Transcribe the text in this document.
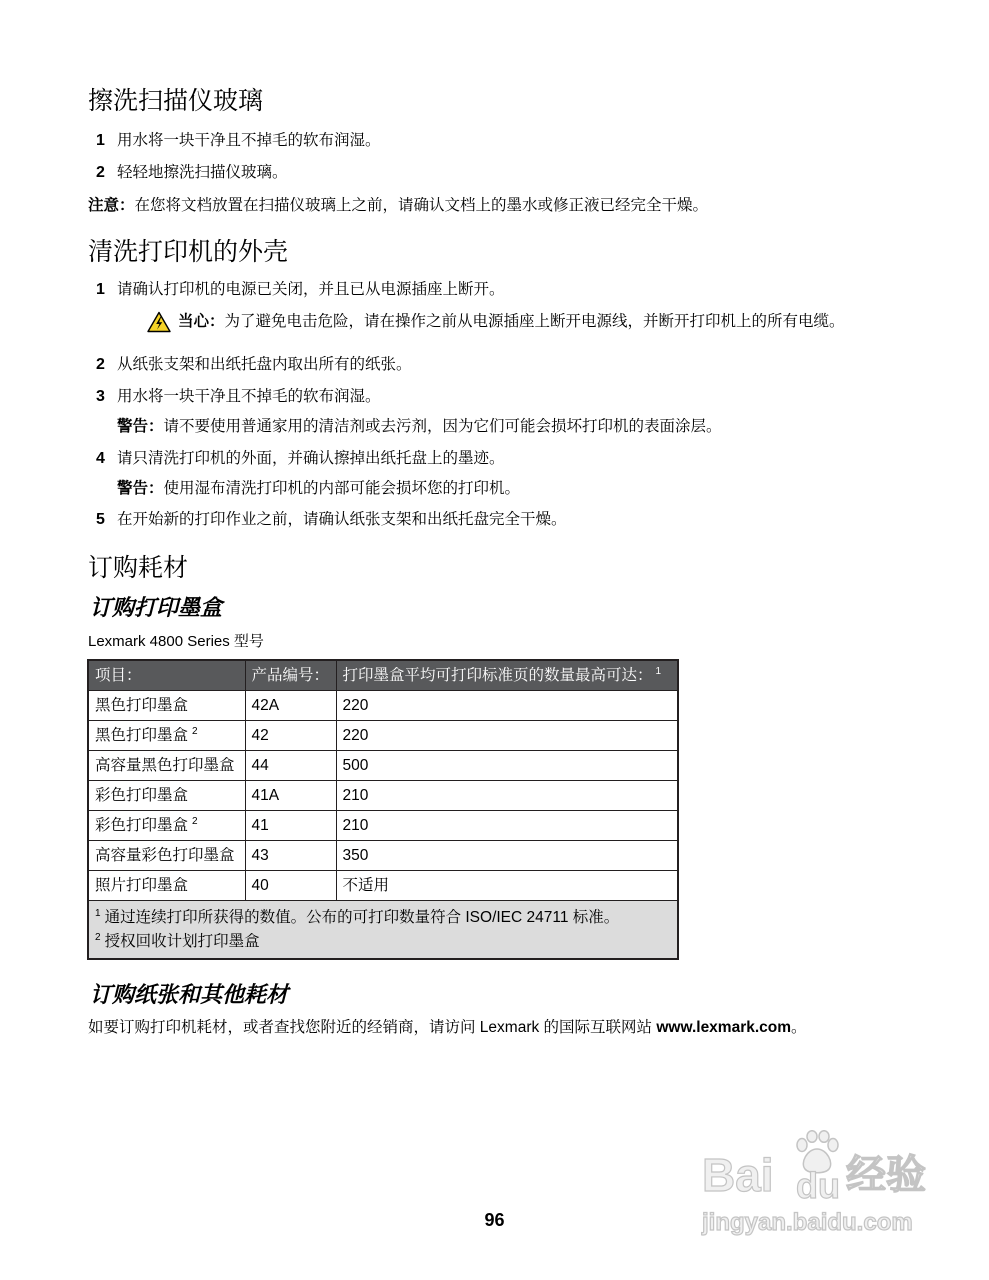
擦洗扫描仪玻璃
1 用水将一块干净且不掉毛的软布润湿。
2 轻轻地擦洗扫描仪玻璃。
注意：在您将文档放置在扫描仪玻璃上之前，请确认文档上的墨水或修正液已经完全干燥。
清洗打印机的外壳
1 请确认打印机的电源已关闭，并且已从电源插座上断开。
当心：为了避免电击危险，请在操作之前从电源插座上断开电源线，并断开打印机上的所有电缆。
2 从纸张支架和出纸托盘内取出所有的纸张。
3 用水将一块干净且不掉毛的软布润湿。
警告：请不要使用普通家用的清洁剂或去污剂，因为它们可能会损坏打印机的表面涂层。
4 请只清洗打印机的外面，并确认擦掉出纸托盘上的墨迹。
警告：使用湿布清洗打印机的内部可能会损坏您的打印机。
5 在开始新的打印作业之前，请确认纸张支架和出纸托盘完全干燥。
订购耗材
订购打印墨盒
Lexmark 4800 Series 型号
项目：	产品编号：	打印墨盒平均可打印标准页的数量最高可达： $^1$
黑色打印墨盒	42A	220
黑色打印墨盒 $^2$	42	220
高容量黑色打印墨盒	44	500
彩色打印墨盒	41A	210
彩色打印墨盒 $^2$	41	210
高容量彩色打印墨盒	43	350
照片打印墨盒	40	不适用

$^1$ 通过连续打印所获得的数值。公布的可打印数量符合 ISO/IEC 24711 标准。
$^2$ 授权回收计划打印墨盒		
订购纸张和其他耗材
如要订购打印机耗材，或者查找您附近的经销商，请访问 Lexmark 的国际互联网站 www.lexmark.com。
96
Bai du 经验
jingyan.baidu.com
